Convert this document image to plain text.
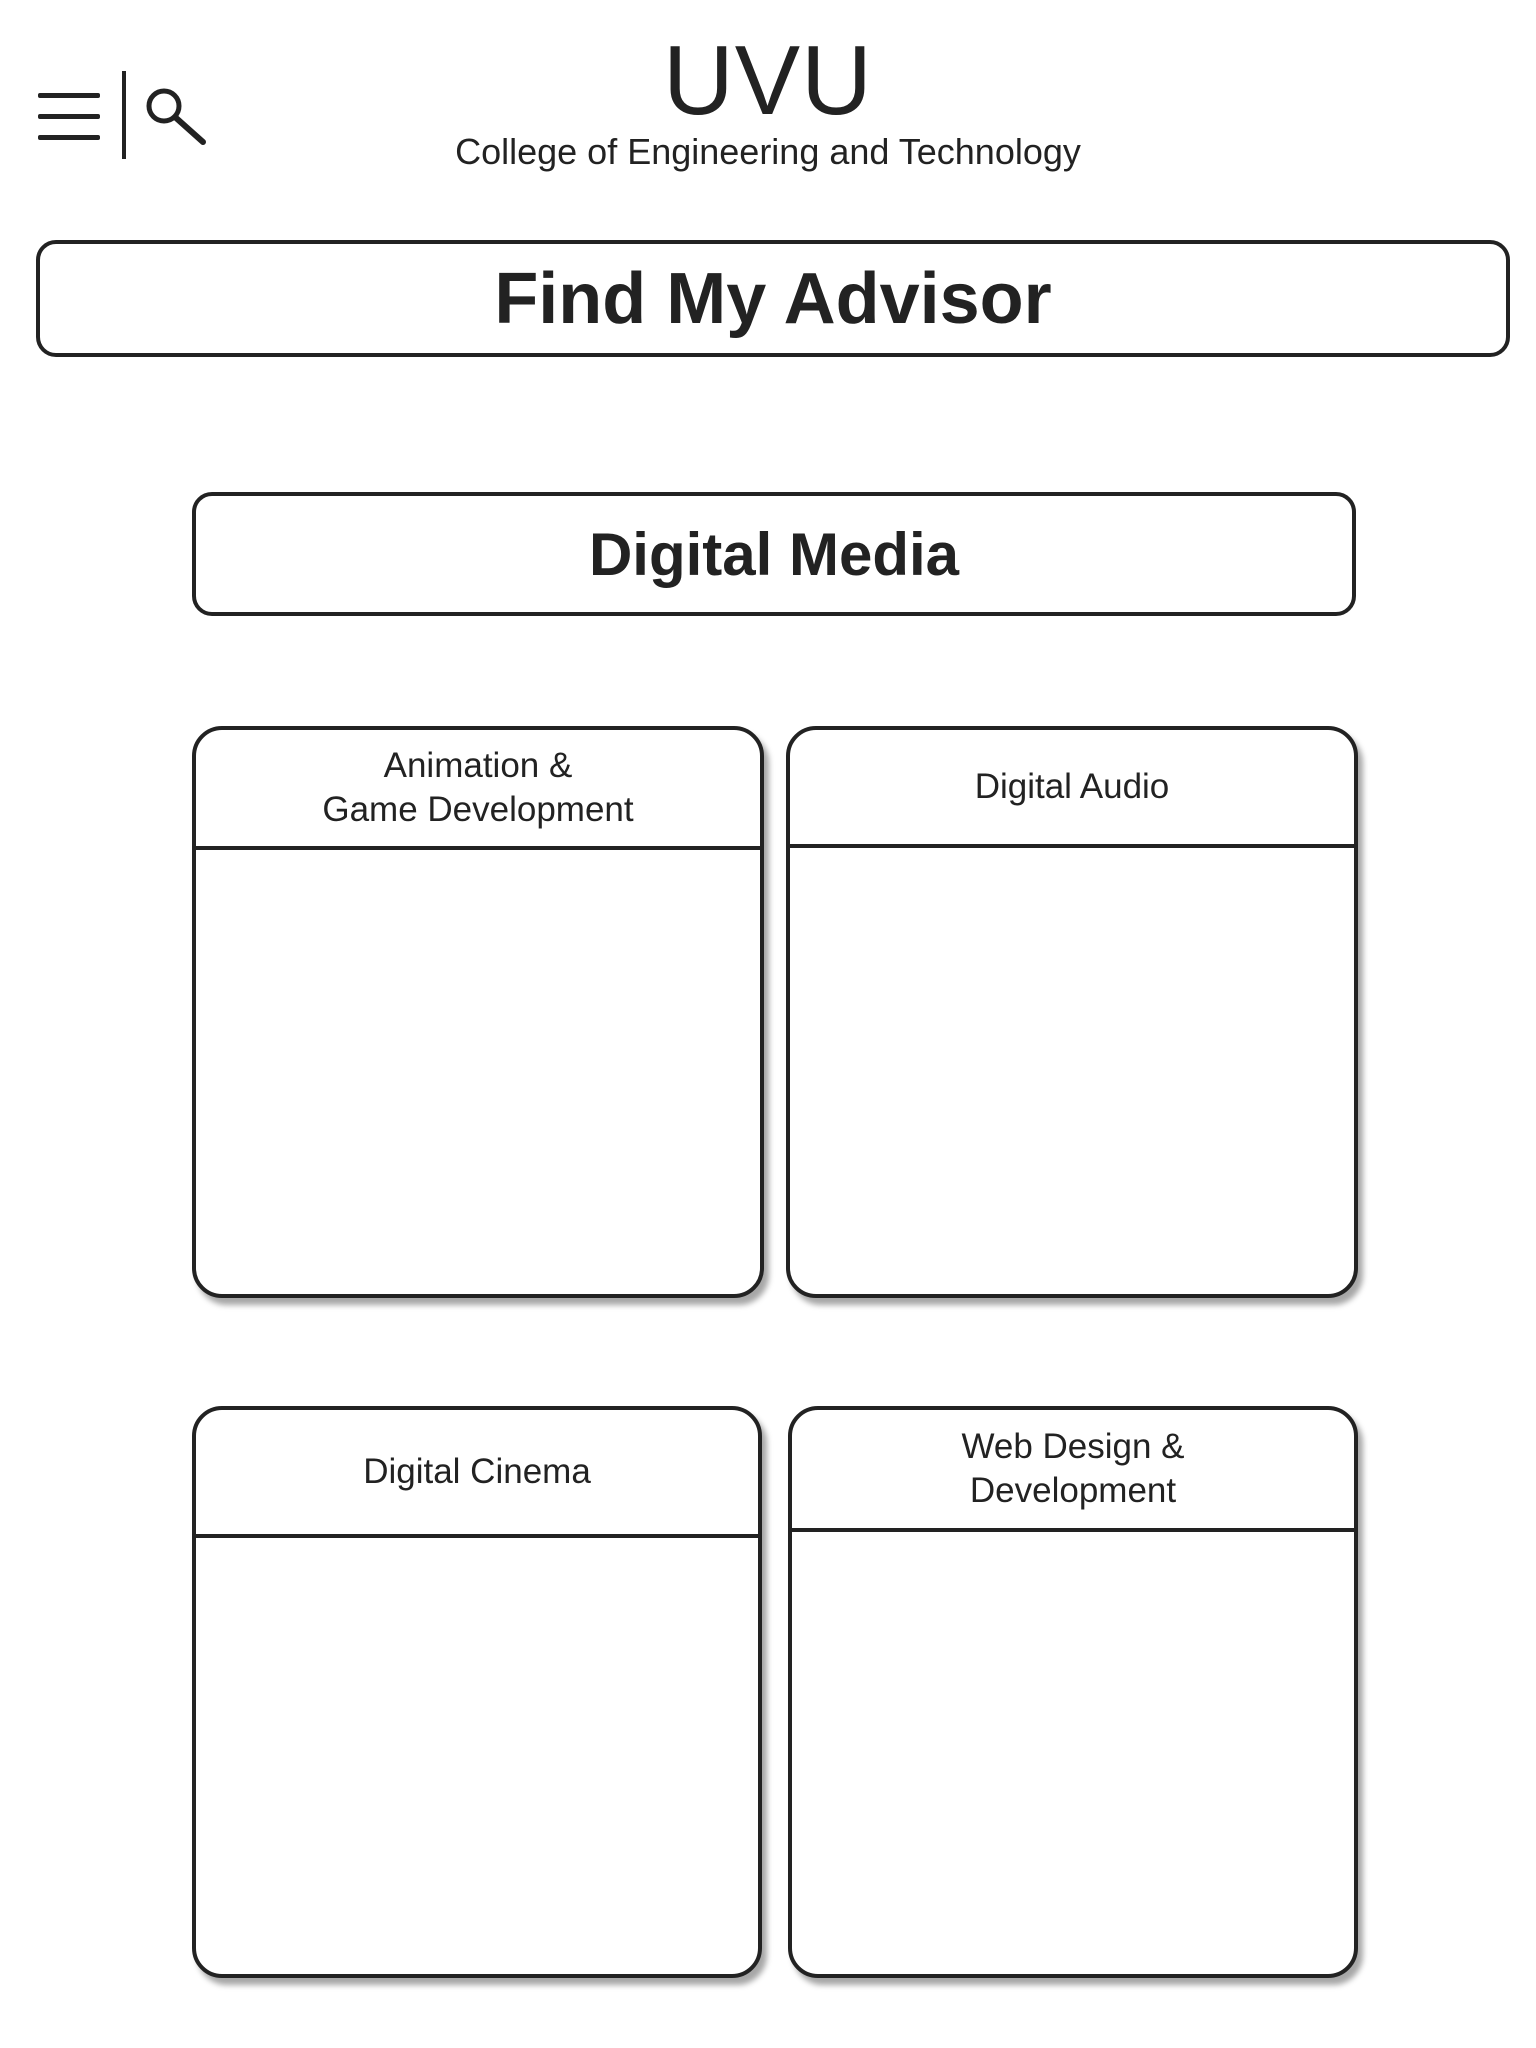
UVU
College of Engineering and Technology
Find My Advisor
Digital Media
Animation &
Game Development
Digital Audio
Digital Cinema
Web Design &
Development
